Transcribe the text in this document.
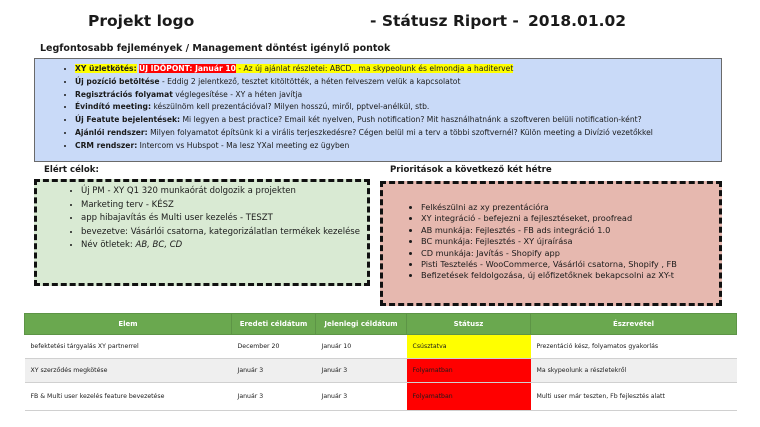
Projekt logo	- Státusz Riport - 2018.01.02
Legfontosabb fejlemények / Management döntést igénylő pontok
• XY üzletkötés: ÚJ IDŐPONT: Január 10 - Az új ajánlat részletei: ABCD.. ma skypeolunk és elmondja a haditervet
• Új pozíció betöltése - Eddig 2 jelentkező, tesztet kitöltötték, a héten felveszem velük a kapcsolatot
• Regisztrációs folyamat véglegesítése - XY a héten javítja
• Évindító meeting: készülnöm kell prezentációval? Milyen hosszú, miről, pptvel-anélkül, stb.
• Új Featute bejelentések: Mi legyen a best practice? Email két nyelven, Push notification? Mit használhatnánk a szoftveren belüli notification-ként?
• Ajánlói rendszer: Milyen folyamatot építsünk ki a virális terjeszkedésre? Cégen belül mi a terv a többi szoftvernél? Külön meeting a Divízió vezetőkkel
• CRM rendszer: Intercom vs Hubspot - Ma lesz YXal meeting ez ügyben
Elért célok:	Prioritások a következő két hétre
• Új PM - XY Q1 320 munkaórát dolgozik a projekten
• Marketing terv - KÉSZ
• app hibajavítás és Multi user kezelés - TESZT
• bevezetve: Vásárlói csatorna, kategorizálatlan termékek kezelése
• Név ötletek: AB, BC, CD
• Felkészülni az xy prezentációra
• XY integráció - befejezni a fejlesztéseket, proofread
• AB munkája: Fejlesztés - FB ads integráció 1.0
• BC munkája: Fejlesztés - XY újraírása
• CD munkája: Javítás - Shopify app
• Pisti Tesztelés - WooCommerce, Vásárlói csatorna, Shopify , FB
• Befizetések feldolgozása, új előfizetőknek bekapcsolni az XY-t
Elem	Eredeti céldátum	Jelenlegi céldátum	Státusz	Észrevétel
befektetési tárgyalás XY partnerrel	December 20	Január 10	Csúsztatva	Prezentáció kész, folyamatos gyakorlás
XY szerződés megkötése	Január 3	Január 3	Folyamatban	Ma skypeolunk a részletekről
FB & Multi user kezelés feature bevezetése	Január 3	Január 3	Folyamatban	Multi user már teszten, Fb fejlesztés alatt
